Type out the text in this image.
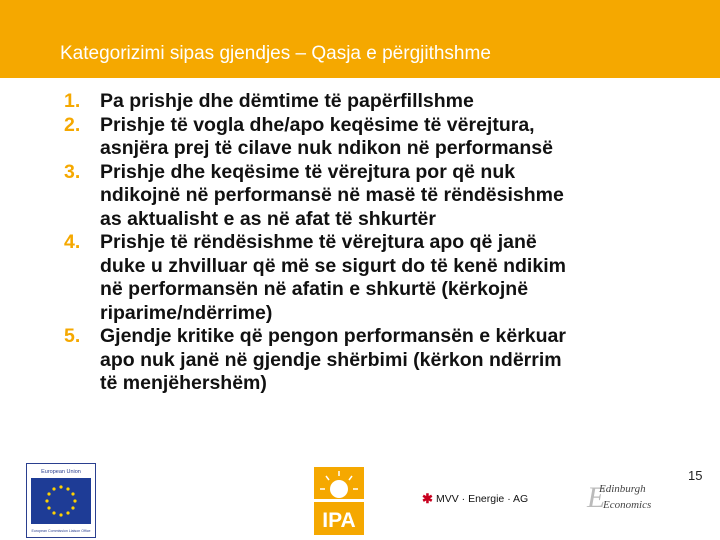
Kategorizimi sipas gjendjes – Qasja e përgjithshme
1. Pa prishje dhe dëmtime të papërfillshme
2. Prishje të vogla dhe/apo keqësime të vërejtura,
asnjëra prej të cilave nuk ndikon në performansë
3. Prishje dhe keqësime të vërejtura por që nuk
ndikojnë në performansë në masë të rëndësishme
as aktualisht e as në afat të shkurtër
4. Prishje të rëndësishme të vërejtura apo që janë
duke u zhvilluar që më se sigurt do të kenë ndikim
në performansën në afatin e shkurtë (kërkojnë
riparime/ndërrime)
5. Gjendje kritike që pengon performansën e kërkuar
apo nuk janë në gjendje shërbimi (kërkon ndërrim
të menjëhershëm)
European Union
European Commission Liaison Office	IPA
✱ MVV · Energie · AG E
Edinburgh
Economics
15
